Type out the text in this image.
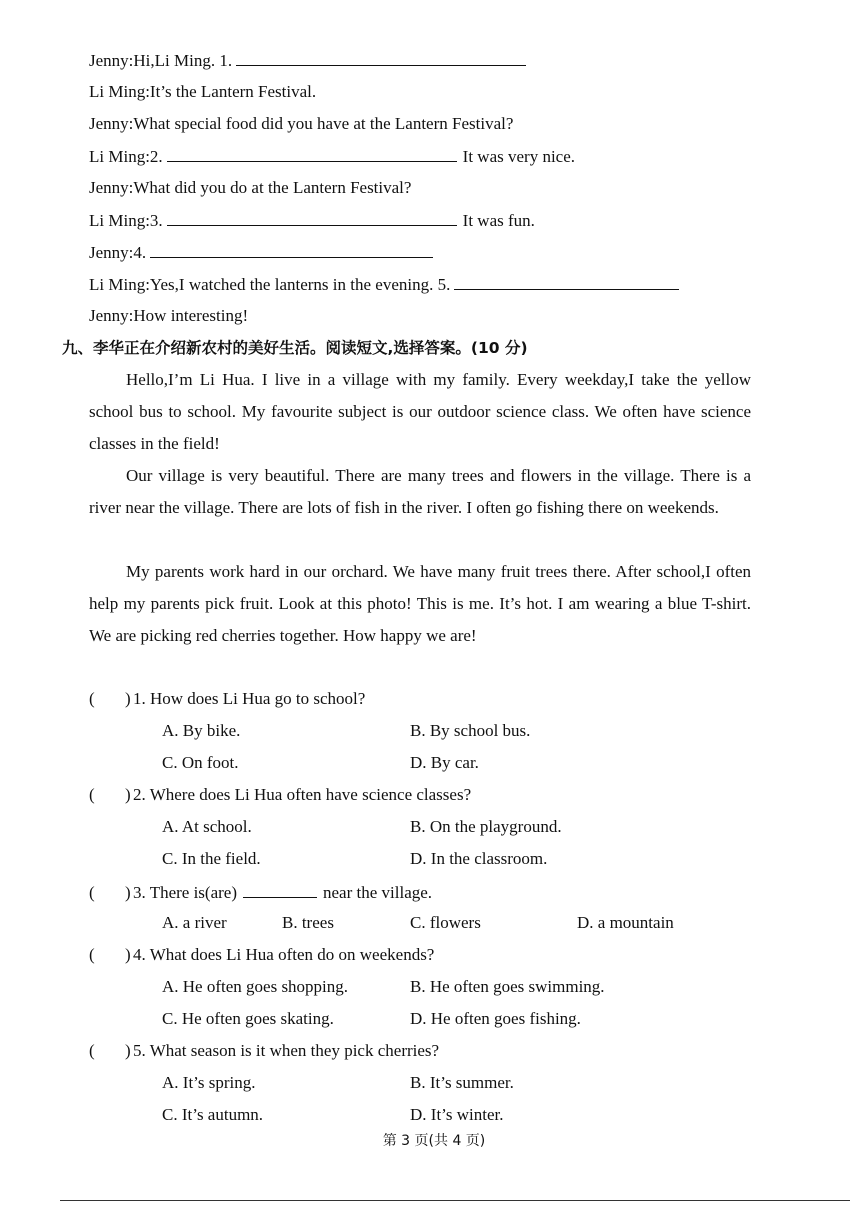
Jenny:Hi,Li Ming. 1.
Li Ming:It’s the Lantern Festival.
Jenny:What special food did you have at the Lantern Festival?
Li Ming:2.	It was very nice.
Jenny:What did you do at the Lantern Festival?
Li Ming:3.	It was fun.
Jenny:4.
Li Ming:Yes,I watched the lanterns in the evening. 5.
Jenny:How interesting!
九、李华正在介绍新农村的美好生活。阅读短文,选择答案。(10 分)
Hello,I’m Li Hua. I live in a village with my family. Every weekday,I take the yellow school bus to school. My favourite subject is our outdoor science class. We often have science classes in the field!
Our village is very beautiful. There are many trees and flowers in the village. There is a river near the village. There are lots of fish in the river. I often go fishing there on weekends.
My parents work hard in our orchard. We have many fruit trees there. After school,I often help my parents pick fruit. Look at this photo! This is me. It’s hot. I am wearing a blue T-shirt. We are picking red cherries together. How happy we are!
( ) 1. How does Li Hua go to school?
A. By bike.	B. By school bus.
C. On foot.	D. By car.
( ) 2. Where does Li Hua often have science classes?
A. At school.	B. On the playground.
C. In the field.	D. In the classroom.
( ) 3. There is(are)	near the village.
A. a river	B. trees	C. flowers	D. a mountain
( ) 4. What does Li Hua often do on weekends?
A. He often goes shopping.	B. He often goes swimming.
C. He often goes skating.	D. He often goes fishing.
( ) 5. What season is it when they pick cherries?
A. It’s spring.	B. It’s summer.
C. It’s autumn.	D. It’s winter.
第 3 页(共 4 页)
